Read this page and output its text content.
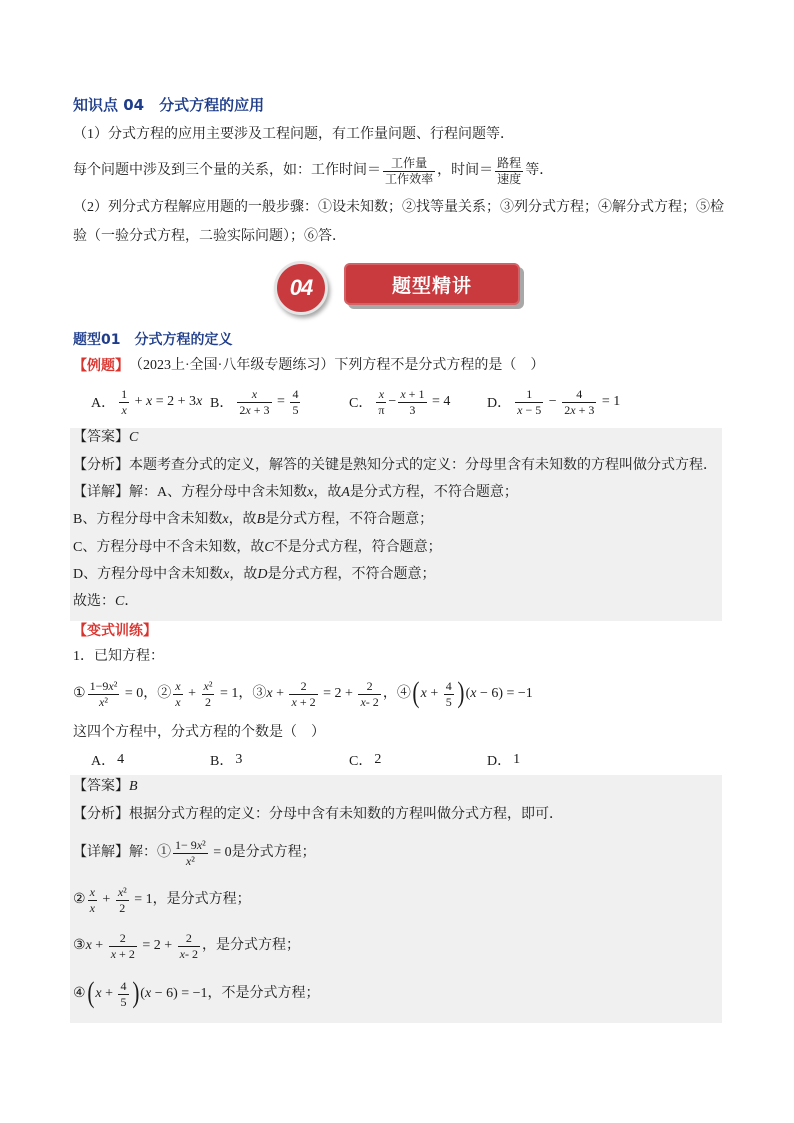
知识点 04　分式方程的应用
（1）分式方程的应用主要涉及工程问题，有工作量问题、行程问题等．
每个问题中涉及到三个量的关系，如：工作时间＝ $\frac{\text{工作量}}{\text{工作效率}}$ ，时间＝ $\frac{\text{路程}}{\text{速度}}$ 等．
（2）列分式方程解应用题的一般步骤：①设未知数；②找等量关系；③列分式方程；④解分式方程；⑤检
验（一验分式方程，二验实际问题）；⑥答．
04	题型精讲
题型01　分式方程的定义
【例题】 （2023上·全国·八年级专题练习）下列方程不是分式方程的是（　）
A． $\frac{1}{x} + x = 2 + 3$ x B． $\frac{x}{2 x + 3} = \frac{4}{5}$	C． $\frac{x}{\pi} - \frac{x + 1}{3} = 4$	D． $\frac{1}{x - 5} - \frac{4}{2 x + 3} = 1$
【答案】 C
【分析】 本题考查分式的定义，解答的关键是熟知分式的定义：分母里含有未知数的方程叫做分式方程．
【详解】 解：A、方程分母中含未知数 x ，故 A 是分式方程，不符合题意；
B、方程分母中含未知数 x ，故 B 是分式方程，不符合题意；
C、方程分母中不含未知数，故 C 不是分式方程，符合题意；
D、方程分母中含未知数 x ，故 D 是分式方程，不符合题意；
故选： C ．
【变式训练】
1．已知方程：
① $\frac{\text{1−9 x ²}}{\text{x ²}} = 0$，② $\frac{x}{x} + \frac{\text{x ²}}{2} = 1$，③ $x + \frac{2}{x + 2} = 2 + \frac{2}{x - 2}$ ，④ ( $x + \frac{4}{5}$ ) ( x − 6) = −1
这四个方程中，分式方程的个数是（　）
A． 4	B． 3	C． 2	D． 1
【答案】 B
【分析】 根据分式方程的定义：分母中含有未知数的方程叫做分式方程，即可．
【详解】 解：① $\frac{\text{1− 9 x ²}}{\text{x ²}} = 0$是分式方程；
② $\frac{x}{x} + \frac{\text{x ²}}{2} = 1$，是分式方程；
③ $x + \frac{2}{x + 2} = 2 + \frac{2}{x - 2}$ ，是分式方程；
④ ( $x + \frac{4}{5}$ ) ( x − 6) = −1，不是分式方程；
